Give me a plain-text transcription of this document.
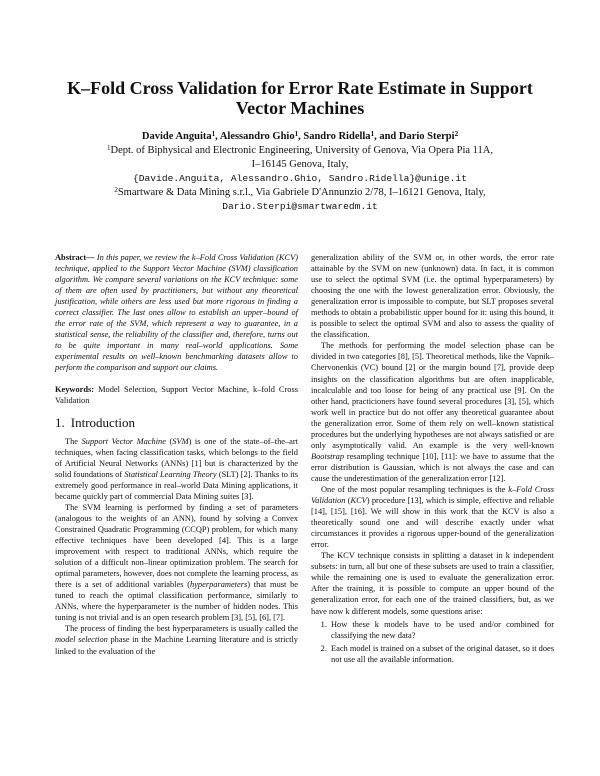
K–Fold Cross Validation for Error Rate Estimate in Support Vector Machines
Davide Anguita$^1$, Alessandro Ghio$^1$, Sandro Ridella$^1$, and Dario Sterpi$^2$
$^1$Dept. of Biphysical and Electronic Engineering, University of Genova, Via Opera Pia 11A,
I–16145 Genova, Italy,
{Davide.Anguita, Alessandro.Ghio, Sandro.Ridella}@unige.it
$^2$Smartware & Data Mining s.r.l., Via Gabriele D'Annunzio 2/78, I–16121 Genova, Italy,
Dario.Sterpi@smartwaredm.it

Abstract— In this paper, we review the k–Fold Cross Validation (KCV) technique, applied to the Support Vector Machine (SVM) classification algorithm. We compare several variations on the KCV technique: some of them are often used by practitioners, but without any theoretical justification, while others are less used but more rigorous in finding a correct classifier. The last ones allow to establish an upper–bound of the error rate of the SVM, which represent a way to guarantee, in a statistical sense, the reliability of the classifier and, therefore, turns out to be quite important in many real–world applications. Some experimental results on well–known benchmarking datasets allow to perform the comparison and support our claims.

Keywords: Model Selection, Support Vector Machine, k–fold Cross Validation

1. Introduction

The Support Vector Machine (SVM) is one of the state–of–the–art techniques, when facing classification tasks, which belongs to the field of Artificial Neural Networks (ANNs) [1] but is characterized by the solid foundations of Statistical Learning Theory (SLT) [2]. Thanks to its extremely good performance in real–world Data Mining applications, it became quickly part of commercial Data Mining suites [3].

The SVM learning is performed by finding a set of parameters (analogous to the weights of an ANN), found by solving a Convex Constrained Quadratic Programming (CCQP) problem, for which many effective techniques have been developed [4]. This is a large improvement with respect to traditional ANNs, which require the solution of a difficult non–linear optimization problem. The search for optimal parameters, however, does not complete the learning process, as there is a set of additional variables (hyperparameters) that must be tuned to reach the optimal classification performance, similarly to ANNs, where the hyperparameter is the number of hidden nodes. This tuning is not trivial and is an open research problem [3], [5], [6], [7].

The process of finding the best hyperparameters is usually called the model selection phase in the Machine Learning literature and is strictly linked to the evaluation of the

generalization ability of the SVM or, in other words, the error rate attainable by the SVM on new (unknown) data. In fact, it is common use to select the optimal SVM (i.e. the optimal hyperparameters) by choosing the one with the lowest generalization error. Obviously, the generalization error is impossible to compute, but SLT proposes several methods to obtain a probabilistic upper bound for it: using this bound, it is possible to select the optimal SVM and also to assess the quality of the classification.

The methods for performing the model selection phase can be divided in two categories [8], [5]. Theoretical methods, like the Vapnik–Chervonenkis (VC) bound [2] or the margin bound [7], provide deep insights on the classification algorithms but are often inapplicable, incalculable and too loose for being of any practical use [9]. On the other hand, practicioners have found several procedures [3], [5], which work well in practice but do not offer any theoretical guarantee about the generalization error. Some of them rely on well–known statistical procedures but the underlying hypotheses are not always satisfied or are only asymptotically valid. An example is the very well-known Bootstrap resampling technique [10], [11]: we have to assume that the error distribution is Gaussian, which is not always the case and can cause the underestimation of the generalization error [12].

One of the most popular resampling techniques is the k–Fold Cross Validation (KCV) procedure [13], which is simple, effective and reliable [14], [15], [16]. We will show in this work that the KCV is also a theoretically sound one and will describe exactly under what circumstances it provides a rigorous upper-bound of the generalization error.

The KCV technique consists in splitting a dataset in k independent subsets: in turn, all but one of these subsets are used to train a classifier, while the remaining one is used to evaluate the generalization error. After the training, it is possible to compute an upper bound of the generalization error, for each one of the trained classifiers, but, as we have now k different models, some questions arise:

1. How these k models have to be used and/or combined for classifying the new data?
2. Each model is trained on a subset of the original dataset, so it does not use all the available information.
